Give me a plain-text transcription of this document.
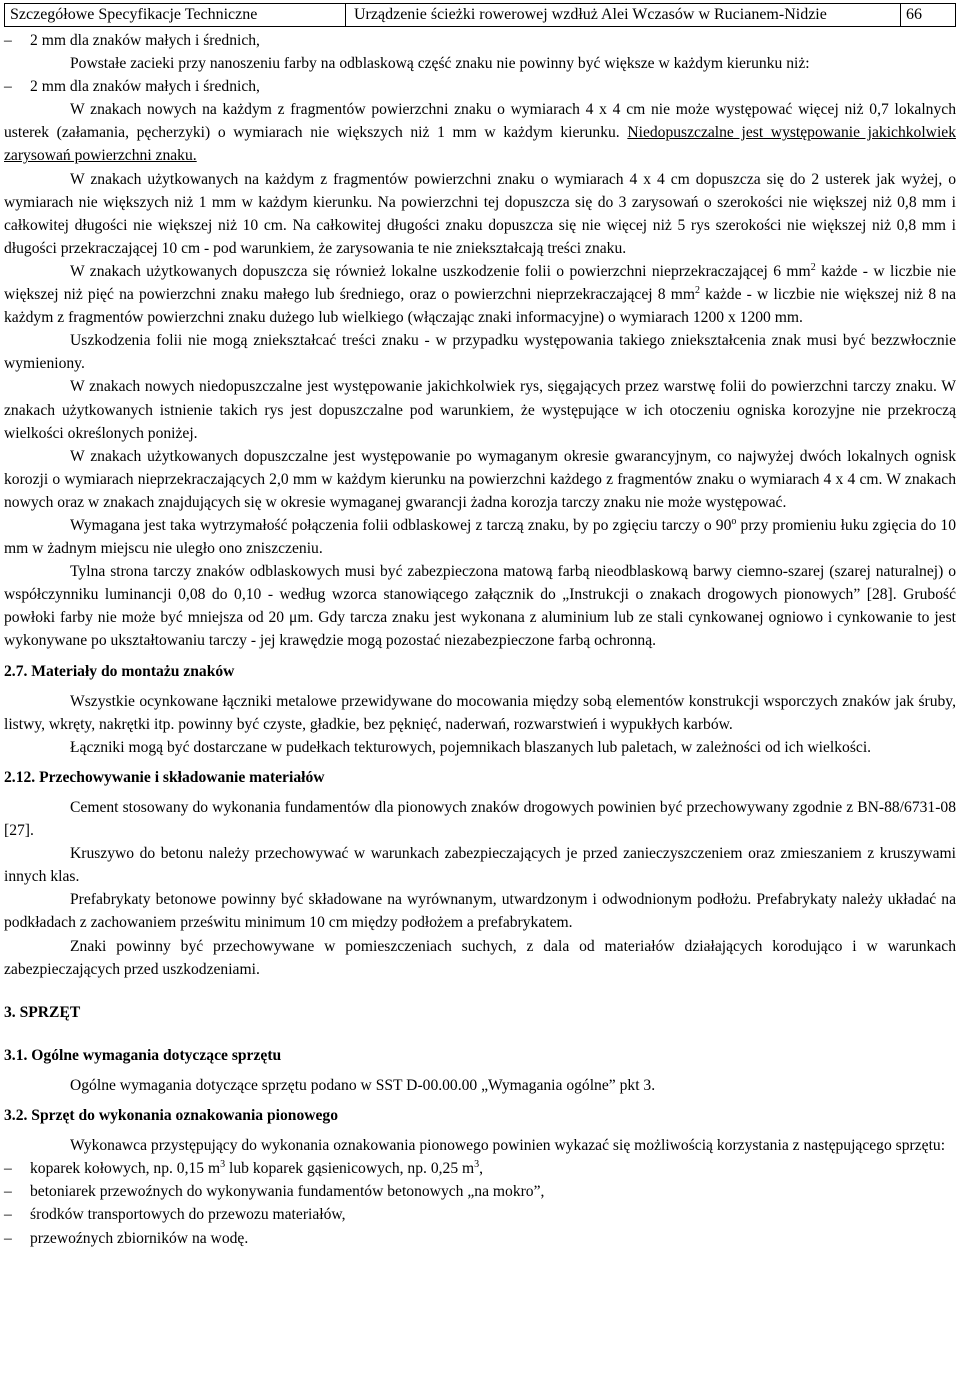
Szczegółowe Specyfikacje Techniczne	Urządzenie ścieżki rowerowej wzdłuż Alei Wczasów w Rucianem-Nidzie	66
–	2 mm dla znaków małych i średnich,

Powstałe zacieki przy nanoszeniu farby na odblaskową część znaku nie powinny być większe w każdym kierunku niż:

–	2 mm dla znaków małych i średnich,

W znakach nowych na każdym z fragmentów powierzchni znaku o wymiarach 4 x 4 cm nie może występować więcej niż 0,7 lokalnych usterek (załamania, pęcherzyki) o wymiarach nie większych niż 1 mm w każdym kierunku. Niedopuszczalne jest występowanie jakichkolwiek zarysowań powierzchni znaku.

W znakach użytkowanych na każdym z fragmentów powierzchni znaku o wymiarach 4 x 4 cm dopuszcza się do 2 usterek jak wyżej, o wymiarach nie większych niż 1 mm w każdym kierunku. Na powierzchni tej dopuszcza się do 3 zarysowań o szerokości nie większej niż 0,8 mm i całkowitej długości nie większej niż 10 cm. Na całkowitej długości znaku dopuszcza się nie więcej niż 5 rys szerokości nie większej niż 0,8 mm i długości przekraczającej 10 cm - pod warunkiem, że zarysowania te nie zniekształcają treści znaku.

W znakach użytkowanych dopuszcza się również lokalne uszkodzenie folii o powierzchni nieprzekraczającej 6 $mm^2$ każde - w liczbie nie większej niż pięć na powierzchni znaku małego lub średniego, oraz o powierzchni nieprzekraczającej 8 $mm^2$ każde - w liczbie nie większej niż 8 na każdym z fragmentów powierzchni znaku dużego lub wielkiego (włączając znaki informacyjne) o wymiarach 1200 x 1200 mm.

Uszkodzenia folii nie mogą zniekształcać treści znaku - w przypadku występowania takiego zniekształcenia znak musi być bezzwłocznie wymieniony.

W znakach nowych niedopuszczalne jest występowanie jakichkolwiek rys, sięgających przez warstwę folii do powierzchni tarczy znaku. W znakach użytkowanych istnienie takich rys jest dopuszczalne pod warunkiem, że występujące w ich otoczeniu ogniska korozyjne nie przekroczą wielkości określonych poniżej.

W znakach użytkowanych dopuszczalne jest występowanie po wymaganym okresie gwarancyjnym, co najwyżej dwóch lokalnych ognisk korozji o wymiarach nieprzekraczających 2,0 mm w każdym kierunku na powierzchni każdego z fragmentów znaku o wymiarach 4 x 4 cm. W znakach nowych oraz w znakach znajdujących się w okresie wymaganej gwarancji żadna korozja tarczy znaku nie może występować.

Wymagana jest taka wytrzymałość połączenia folii odblaskowej z tarczą znaku, by po zgięciu tarczy o 90$^o$ przy promieniu łuku zgięcia do 10 mm w żadnym miejscu nie uległo ono zniszczeniu.

Tylna strona tarczy znaków odblaskowych musi być zabezpieczona matową farbą nieodblaskową barwy ciemno-szarej (szarej naturalnej) o współczynniku luminancji 0,08 do 0,10 - według wzorca stanowiącego załącznik do „Instrukcji o znakach drogowych pionowych” [28]. Grubość powłoki farby nie może być mniejsza od 20 μm. Gdy tarcza znaku jest wykonana z aluminium lub ze stali cynkowanej ogniowo i cynkowanie to jest wykonywane po ukształtowaniu tarczy - jej krawędzie mogą pozostać niezabezpieczone farbą ochronną.

2.7. Materiały do montażu znaków

Wszystkie ocynkowane łączniki metalowe przewidywane do mocowania między sobą elementów konstrukcji wsporczych znaków jak śruby, listwy, wkręty, nakrętki itp. powinny być czyste, gładkie, bez pęknięć, naderwań, rozwarstwień i wypukłych karbów.

Łączniki mogą być dostarczane w pudełkach tekturowych, pojemnikach blaszanych lub paletach, w zależności od ich wielkości.

2.12. Przechowywanie i składowanie materiałów

Cement stosowany do wykonania fundamentów dla pionowych znaków drogowych powinien być przechowywany zgodnie z BN-88/6731-08 [27].

Kruszywo do betonu należy przechowywać w warunkach zabezpieczających je przed zanieczyszczeniem oraz zmieszaniem z kruszywami innych klas.

Prefabrykaty betonowe powinny być składowane na wyrównanym, utwardzonym i odwodnionym podłożu. Prefabrykaty należy układać na podkładach z zachowaniem prześwitu minimum 10 cm między podłożem a prefabrykatem.

Znaki powinny być przechowywane w pomieszczeniach suchych, z dala od materiałów działających korodująco i w warunkach zabezpieczających przed uszkodzeniami.

3. SPRZĘT

3.1. Ogólne wymagania dotyczące sprzętu

Ogólne wymagania dotyczące sprzętu podano w SST D-00.00.00 „Wymagania ogólne” pkt 3.

3.2. Sprzęt do wykonania oznakowania pionowego

Wykonawca przystępujący do wykonania oznakowania pionowego powinien wykazać się możliwością korzystania z następującego sprzętu:

–	koparek kołowych, np. 0,15 $m^3$ lub koparek gąsienicowych, np. 0,25 $m^3$,
–	betoniarek przewoźnych do wykonywania fundamentów betonowych „na mokro”,
–	środków transportowych do przewozu materiałów,
–	przewoźnych zbiorników na wodę.
